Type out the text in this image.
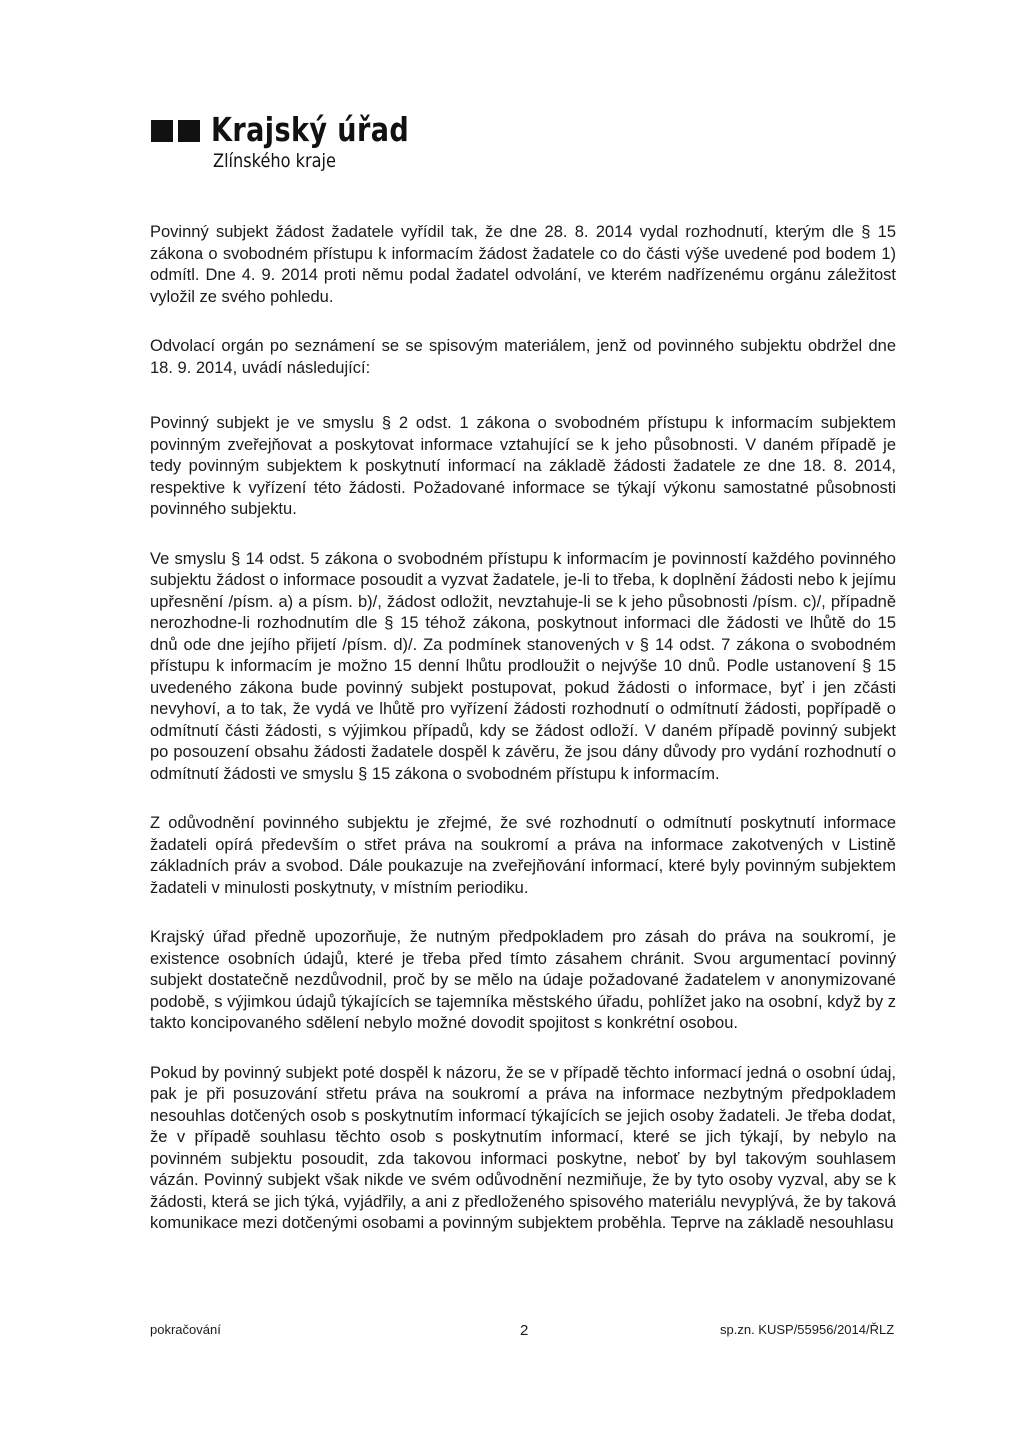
Krajský úřad
Zlínského kraje

Povinný subjekt žádost žadatele vyřídil tak, že dne 28. 8. 2014 vydal rozhodnutí, kterým dle § 15 zákona o svobodném přístupu k informacím žádost žadatele co do části výše uvedené pod bodem 1) odmítl. Dne 4. 9. 2014 proti němu podal žadatel odvolání, ve kterém nadřízenému orgánu záležitost vyložil ze svého pohledu.

Odvolací orgán po seznámení se se spisovým materiálem, jenž od povinného subjektu obdržel dne 18. 9. 2014, uvádí následující:

Povinný subjekt je ve smyslu § 2 odst. 1 zákona o svobodném přístupu k informacím subjektem povinným zveřejňovat a poskytovat informace vztahující se k jeho působnosti. V daném případě je tedy povinným subjektem k poskytnutí informací na základě žádosti žadatele ze dne 18. 8. 2014, respektive k vyřízení této žádosti. Požadované informace se týkají výkonu samostatné působnosti povinného subjektu.

Ve smyslu § 14 odst. 5 zákona o svobodném přístupu k informacím je povinností každého povinného subjektu žádost o informace posoudit a vyzvat žadatele, je-li to třeba, k doplnění žádosti nebo k jejímu upřesnění /písm. a) a písm. b)/, žádost odložit, nevztahuje-li se k jeho působnosti /písm. c)/, případně nerozhodne-li rozhodnutím dle § 15 téhož zákona, poskytnout informaci dle žádosti ve lhůtě do 15 dnů ode dne jejího přijetí /písm. d)/. Za podmínek stanovených v § 14 odst. 7 zákona o svobodném přístupu k informacím je možno 15 denní lhůtu prodloužit o nejvýše 10 dnů. Podle ustanovení § 15 uvedeného zákona bude povinný subjekt postupovat, pokud žádosti o informace, byť i jen zčásti nevyhoví, a to tak, že vydá ve lhůtě pro vyřízení žádosti rozhodnutí o odmítnutí žádosti, popřípadě o odmítnutí části žádosti, s výjimkou případů, kdy se žádost odloží. V daném případě povinný subjekt po posouzení obsahu žádosti žadatele dospěl k závěru, že jsou dány důvody pro vydání rozhodnutí o odmítnutí žádosti ve smyslu § 15 zákona o svobodném přístupu k informacím.

Z odůvodnění povinného subjektu je zřejmé, že své rozhodnutí o odmítnutí poskytnutí informace žadateli opírá především o střet práva na soukromí a práva na informace zakotvených v Listině základních práv a svobod. Dále poukazuje na zveřejňování informací, které byly povinným subjektem žadateli v minulosti poskytnuty, v místním periodiku.

Krajský úřad předně upozorňuje, že nutným předpokladem pro zásah do práva na soukromí, je existence osobních údajů, které je třeba před tímto zásahem chránit. Svou argumentací povinný subjekt dostatečně nezdůvodnil, proč by se mělo na údaje požadované žadatelem v anonymizované podobě, s výjimkou údajů týkajících se tajemníka městského úřadu, pohlížet jako na osobní, když by z takto koncipovaného sdělení nebylo možné dovodit spojitost s konkrétní osobou.

Pokud by povinný subjekt poté dospěl k názoru, že se v případě těchto informací jedná o osobní údaj, pak je při posuzování střetu práva na soukromí a práva na informace nezbytným předpokladem nesouhlas dotčených osob s poskytnutím informací týkajících se jejich osoby žadateli. Je třeba dodat, že v případě souhlasu těchto osob s poskytnutím informací, které se jich týkají, by nebylo na povinném subjektu posoudit, zda takovou informaci poskytne, neboť by byl takovým souhlasem vázán. Povinný subjekt však nikde ve svém odůvodnění nezmiňuje, že by tyto osoby vyzval, aby se k žádosti, která se jich týká, vyjádřily, a ani z předloženého spisového materiálu nevyplývá, že by taková komunikace mezi dotčenými osobami a povinným subjektem proběhla. Teprve na základě nesouhlasu

pokračování	2	sp.zn. KUSP/55956/2014/ŘLZ
